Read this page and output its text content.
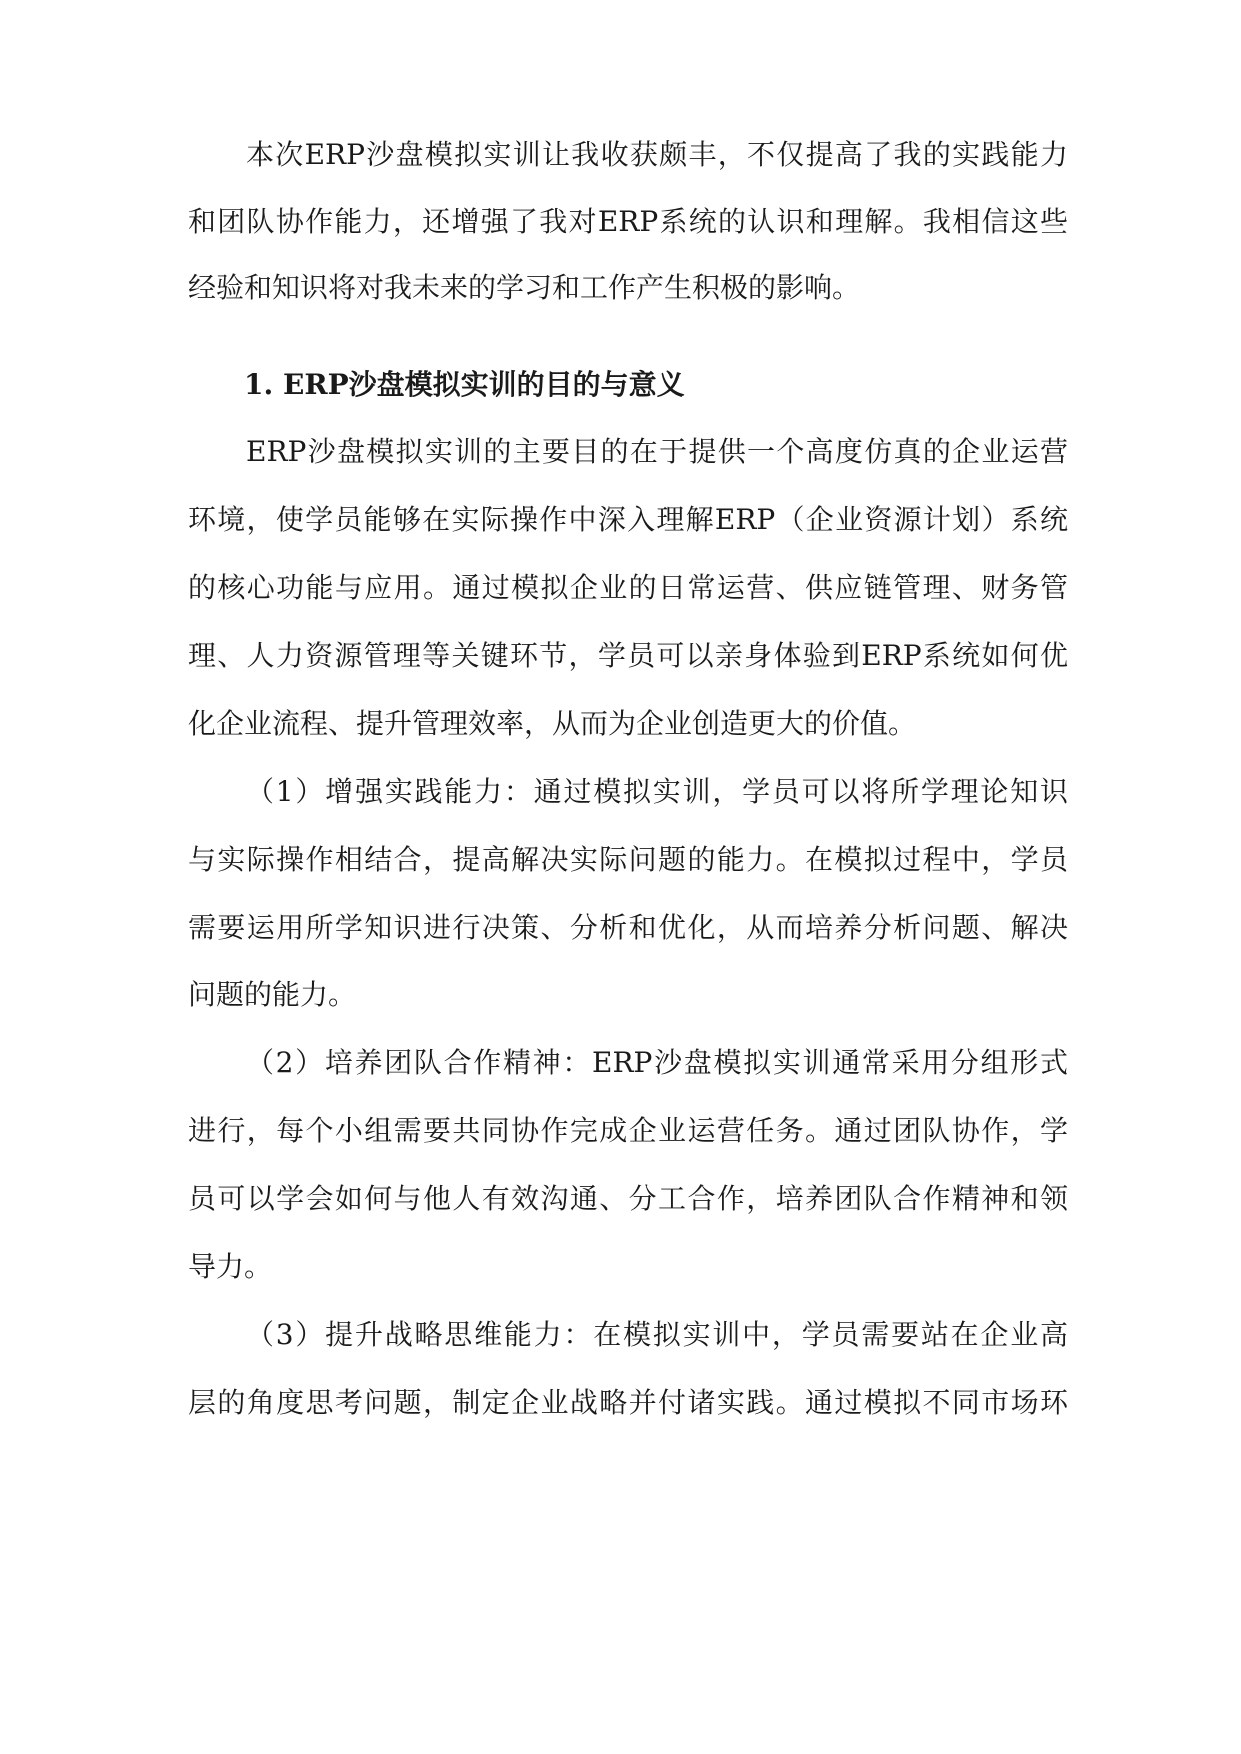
本次ERP沙盘模拟实训让我收获颇丰，不仅提高了我的实践能力
和团队协作能力，还增强了我对ERP系统的认识和理解。我相信这些
经验和知识将对我未来的学习和工作产生积极的影响。
1. ERP沙盘模拟实训的目的与意义
ERP沙盘模拟实训的主要目的在于提供一个高度仿真的企业运营
环境，使学员能够在实际操作中深入理解ERP（企业资源计划）系统
的核心功能与应用。通过模拟企业的日常运营、供应链管理、财务管
理、人力资源管理等关键环节，学员可以亲身体验到ERP系统如何优
化企业流程、提升管理效率，从而为企业创造更大的价值。
（1）增强实践能力：通过模拟实训，学员可以将所学理论知识
与实际操作相结合，提高解决实际问题的能力。在模拟过程中，学员
需要运用所学知识进行决策、分析和优化，从而培养分析问题、解决
问题的能力。
（2）培养团队合作精神：ERP沙盘模拟实训通常采用分组形式
进行，每个小组需要共同协作完成企业运营任务。通过团队协作，学
员可以学会如何与他人有效沟通、分工合作，培养团队合作精神和领
导力。
（3）提升战略思维能力：在模拟实训中，学员需要站在企业高
层的角度思考问题，制定企业战略并付诸实践。通过模拟不同市场环
